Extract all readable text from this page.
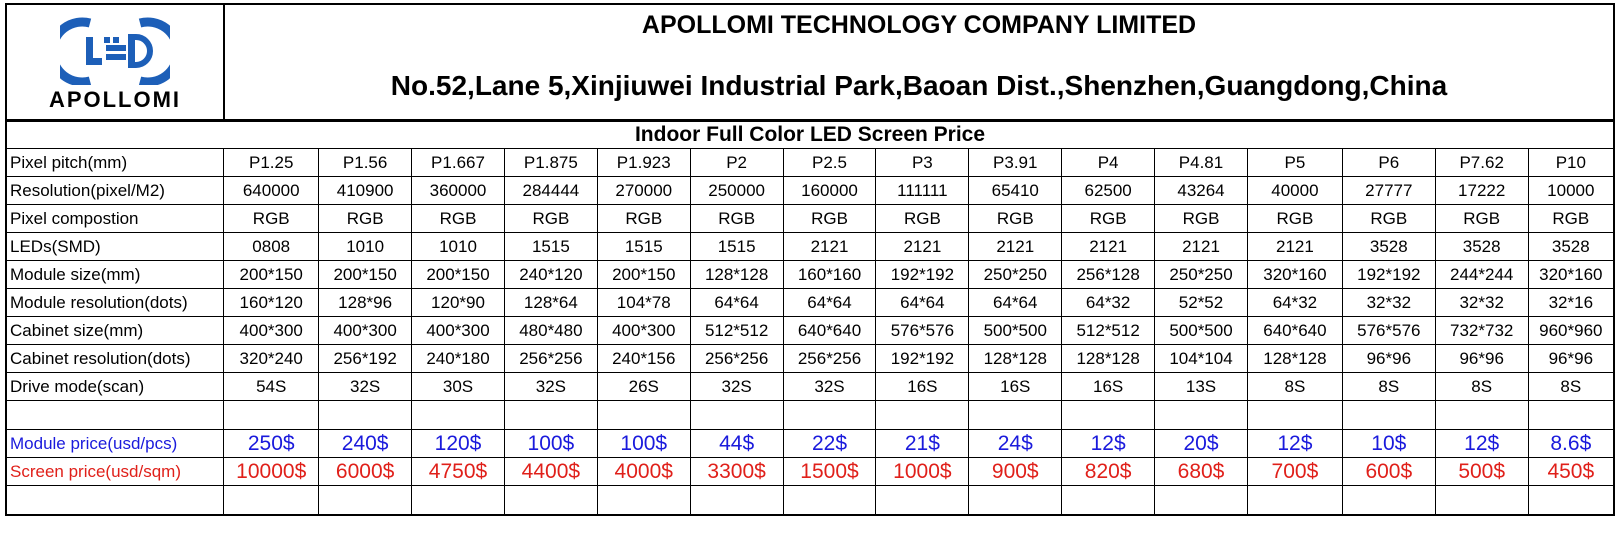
APOLLOMI
APOLLOMI TECHNOLOGY COMPANY LIMITED
No.52,Lane 5,Xinjiuwei Industrial Park,Baoan Dist.,Shenzhen,Guangdong,China
Indoor Full Color LED Screen Price															
Pixel pitch(mm)	P1.25	P1.56	P1.667	P1.875	P1.923	P2	P2.5	P3	P3.91	P4	P4.81	P5	P6	P7.62	P10
Resolution(pixel/M2)	640000	410900	360000	284444	270000	250000	160000	111111	65410	62500	43264	40000	27777	17222	10000
Pixel compostion	RGB	RGB	RGB	RGB	RGB	RGB	RGB	RGB	RGB	RGB	RGB	RGB	RGB	RGB	RGB
LEDs(SMD)	0808	1010	1010	1515	1515	1515	2121	2121	2121	2121	2121	2121	3528	3528	3528
Module size(mm)	200*150	200*150	200*150	240*120	200*150	128*128	160*160	192*192	250*250	256*128	250*250	320*160	192*192	244*244	320*160
Module resolution(dots)	160*120	128*96	120*90	128*64	104*78	64*64	64*64	64*64	64*64	64*32	52*52	64*32	32*32	32*32	32*16
Cabinet size(mm)	400*300	400*300	400*300	480*480	400*300	512*512	640*640	576*576	500*500	512*512	500*500	640*640	576*576	732*732	960*960
Cabinet resolution(dots)	320*240	256*192	240*180	256*256	240*156	256*256	256*256	192*192	128*128	128*128	104*104	128*128	96*96	96*96	96*96
Drive mode(scan)	54S	32S	30S	32S	26S	32S	32S	16S	16S	16S	13S	8S	8S	8S	8S

Module price(usd/pcs)	250$	240$	120$	100$	100$	44$	22$	21$	24$	12$	20$	12$	10$	12$	8.6$
Screen price(usd/sqm)	10000$	6000$	4750$	4400$	4000$	3300$	1500$	1000$	900$	820$	680$	700$	600$	500$	450$
